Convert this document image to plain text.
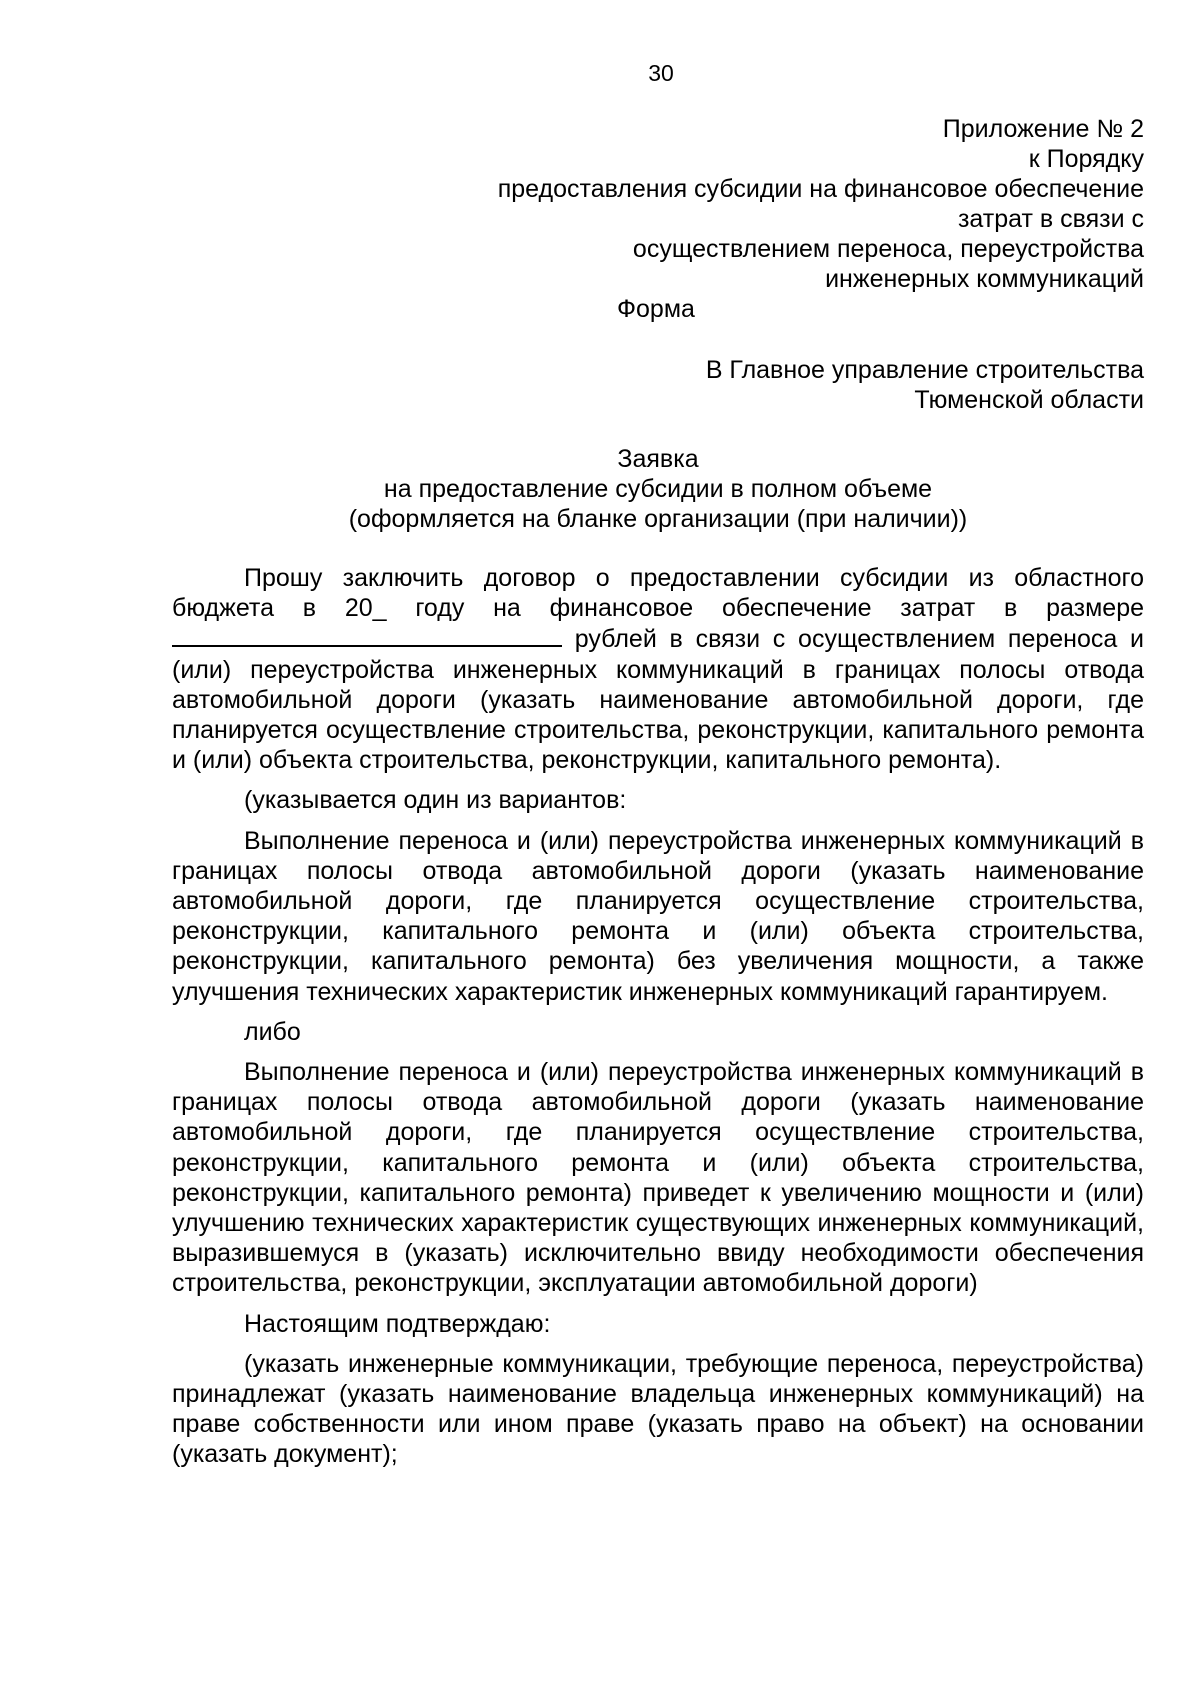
30
Приложение № 2
к Порядку
предоставления субсидии на финансовое обеспечение
затрат в связи с
осуществлением переноса, переустройства
инженерных коммуникаций
Форма
В Главное управление строительства
Тюменской области
Заявка
на предоставление субсидии в полном объеме
(оформляется на бланке организации (при наличии))

Прошу заключить договор о предоставлении субсидии из областного бюджета в 20_ году на финансовое обеспечение затрат в размере  рублей в связи с осуществлением переноса и (или) переустройства инженерных коммуникаций в границах полосы отвода автомобильной дороги (указать наименование автомобильной дороги, где планируется осуществление строительства, реконструкции, капитального ремонта и (или) объекта строительства, реконструкции, капитального ремонта).

(указывается один из вариантов:

Выполнение переноса и (или) переустройства инженерных коммуникаций в границах полосы отвода автомобильной дороги (указать наименование автомобильной дороги, где планируется осуществление строительства, реконструкции, капитального ремонта и (или) объекта строительства, реконструкции, капитального ремонта) без увеличения мощности, а также улучшения технических характеристик инженерных коммуникаций гарантируем.

либо

Выполнение переноса и (или) переустройства инженерных коммуникаций в границах полосы отвода автомобильной дороги (указать наименование автомобильной дороги, где планируется осуществление строительства, реконструкции, капитального ремонта и (или) объекта строительства, реконструкции, капитального ремонта) приведет к увеличению мощности и (или) улучшению технических характеристик существующих инженерных коммуникаций, выразившемуся в (указать) исключительно ввиду необходимости обеспечения строительства, реконструкции, эксплуатации автомобильной дороги)

Настоящим подтверждаю:

(указать инженерные коммуникации, требующие переноса, переустройства) принадлежат (указать наименование владельца инженерных коммуникаций) на праве собственности или ином праве (указать право на объект) на основании (указать документ);
